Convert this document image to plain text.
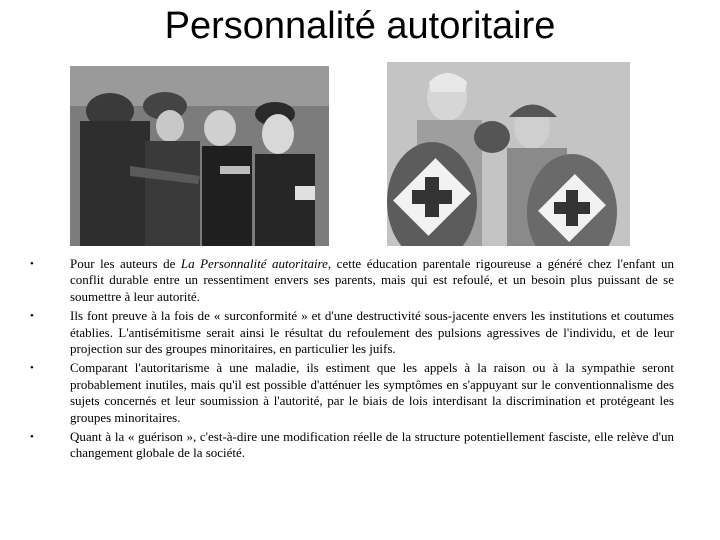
Personnalité autoritaire
•	Pour les auteurs de La Personnalité autoritaire, cette éducation parentale rigoureuse a généré chez l'enfant un conflit durable entre un ressentiment envers ses parents, mais qui est refoulé, et un besoin plus puissant de se soumettre à leur autorité.
•	Ils font preuve à la fois de « surconformité » et d'une destructivité sous-jacente envers les institutions et coutumes établies. L'antisémitisme serait ainsi le résultat du refoulement des pulsions agressives de l'individu, et de leur projection sur des groupes minoritaires, en particulier les juifs.
•	Comparant l'autoritarisme à une maladie, ils estiment que les appels à la raison ou à la sympathie seront probablement inutiles, mais qu'il est possible d'atténuer les symptômes en s'appuyant sur le conventionnalisme des sujets concernés et leur soumission à l'autorité, par le biais de lois interdisant la discrimination et protégeant les groupes minoritaires.
•	Quant à la « guérison », c'est-à-dire une modification réelle de la structure potentiellement fasciste, elle relève d'un changement globale de la société.
